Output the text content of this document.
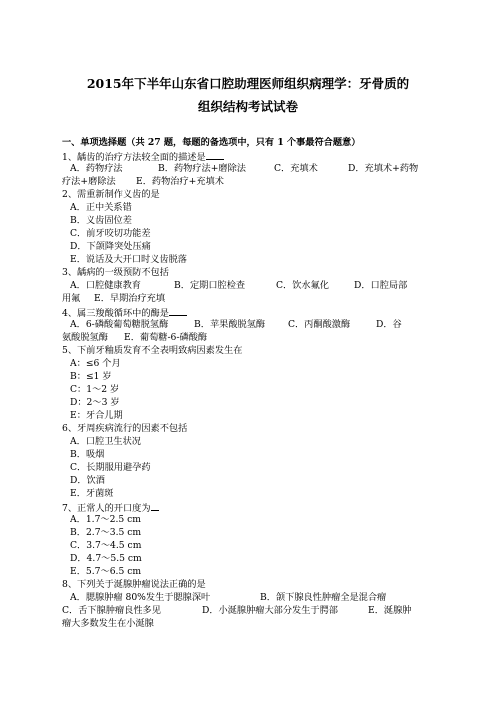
2015年下半年山东省口腔助理医师组织病理学：牙骨质的
组织结构考试试卷
一、单项选择题（共 27 题，每题的备选项中，只有 1 个事最符合题意）
1、龋齿的治疗方法较全面的描述是
A．药物疗法	B．药物疗法+磨除法	C．充填术	D．充填术+药物
疗法+磨除法 E．药物治疗+充填术
2、需重新制作义齿的是
A．正中关系错
B．义齿固位差
C．前牙咬切功能差
D．下颌降突处压痛
E．说话及大开口时义齿脱落
3、龋病的一级预防不包括
A．口腔健康教育	B．定期口腔检查	C．饮水氟化	D．口腔局部
用氟 E．早期治疗充填
4、属三羧酸循环中的酶是
A．6-磷酸葡萄糖脱氢酶	B．苹果酸脱氢酶 C．丙酮酸激酶	D．谷
氨酸脱氢酶 E．葡萄糖-6-磷酸酶
5、下前牙釉质发育不全表明致病因素发生在
A：≤6 个月
B：≤1 岁
C：1～2 岁
D：2～3 岁
E：牙合儿期
6、牙周疾病流行的因素不包括
A．口腔卫生状况
B．吸烟
C．长期服用避孕药
D．饮酒
E．牙菌斑
7、正常人的开口度为
A．1.7～2.5 cm
B．2.7～3.5 cm
C．3.7～4.5 cm
D．4.7～5.5 cm
E．5.7～6.5 cm
8、下列关于涎腺肿瘤说法正确的是
A．腮腺肿瘤 80%发生于腮腺深叶	B．颌下腺良性肿瘤全是混合瘤
C．舌下腺肿瘤良性多见	D．小涎腺肿瘤大部分发生于腭部	E．涎腺肿
瘤大多数发生在小涎腺
